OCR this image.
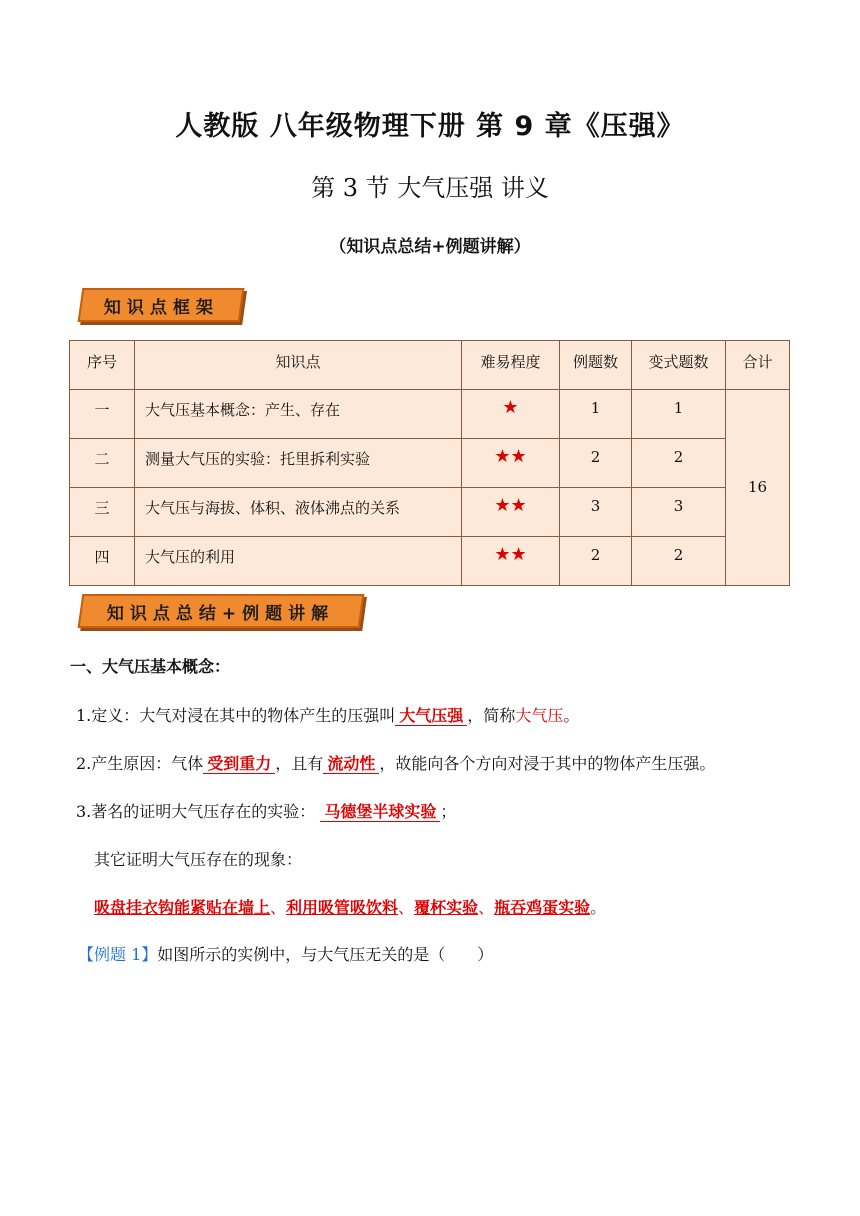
人教版 八年级物理下册 第 9 章《压强》
第 3 节 大气压强 讲义
（知识点总结+例题讲解）
知识点框架
序号	知识点	难易程度	例题数	变式题数	合计
一	大气压基本概念：产生、存在	★	1	1	16
二	测量大气压的实验：托里拆利实验	★★	2	2	
三	大气压与海拔、体积、液体沸点的关系	★★	3	3	
四	大气压的利用	★★	2	2	
知识点总结+例题讲解
一、大气压基本概念：
1.定义：大气对浸在其中的物体产生的压强叫 大气压强 ，简称大气压。
2.产生原因：气体 受到重力 ，且有 流动性 ，故能向各个方向对浸于其中的物体产生压强。
3.著名的证明大气压存在的实验： 马德堡半球实验 ；
其它证明大气压存在的现象：
吸盘挂衣钩能紧贴在墙上、利用吸管吸饮料、覆杯实验、瓶吞鸡蛋实验。
【例题 1】如图所示的实例中，与大气压无关的是（　　）
